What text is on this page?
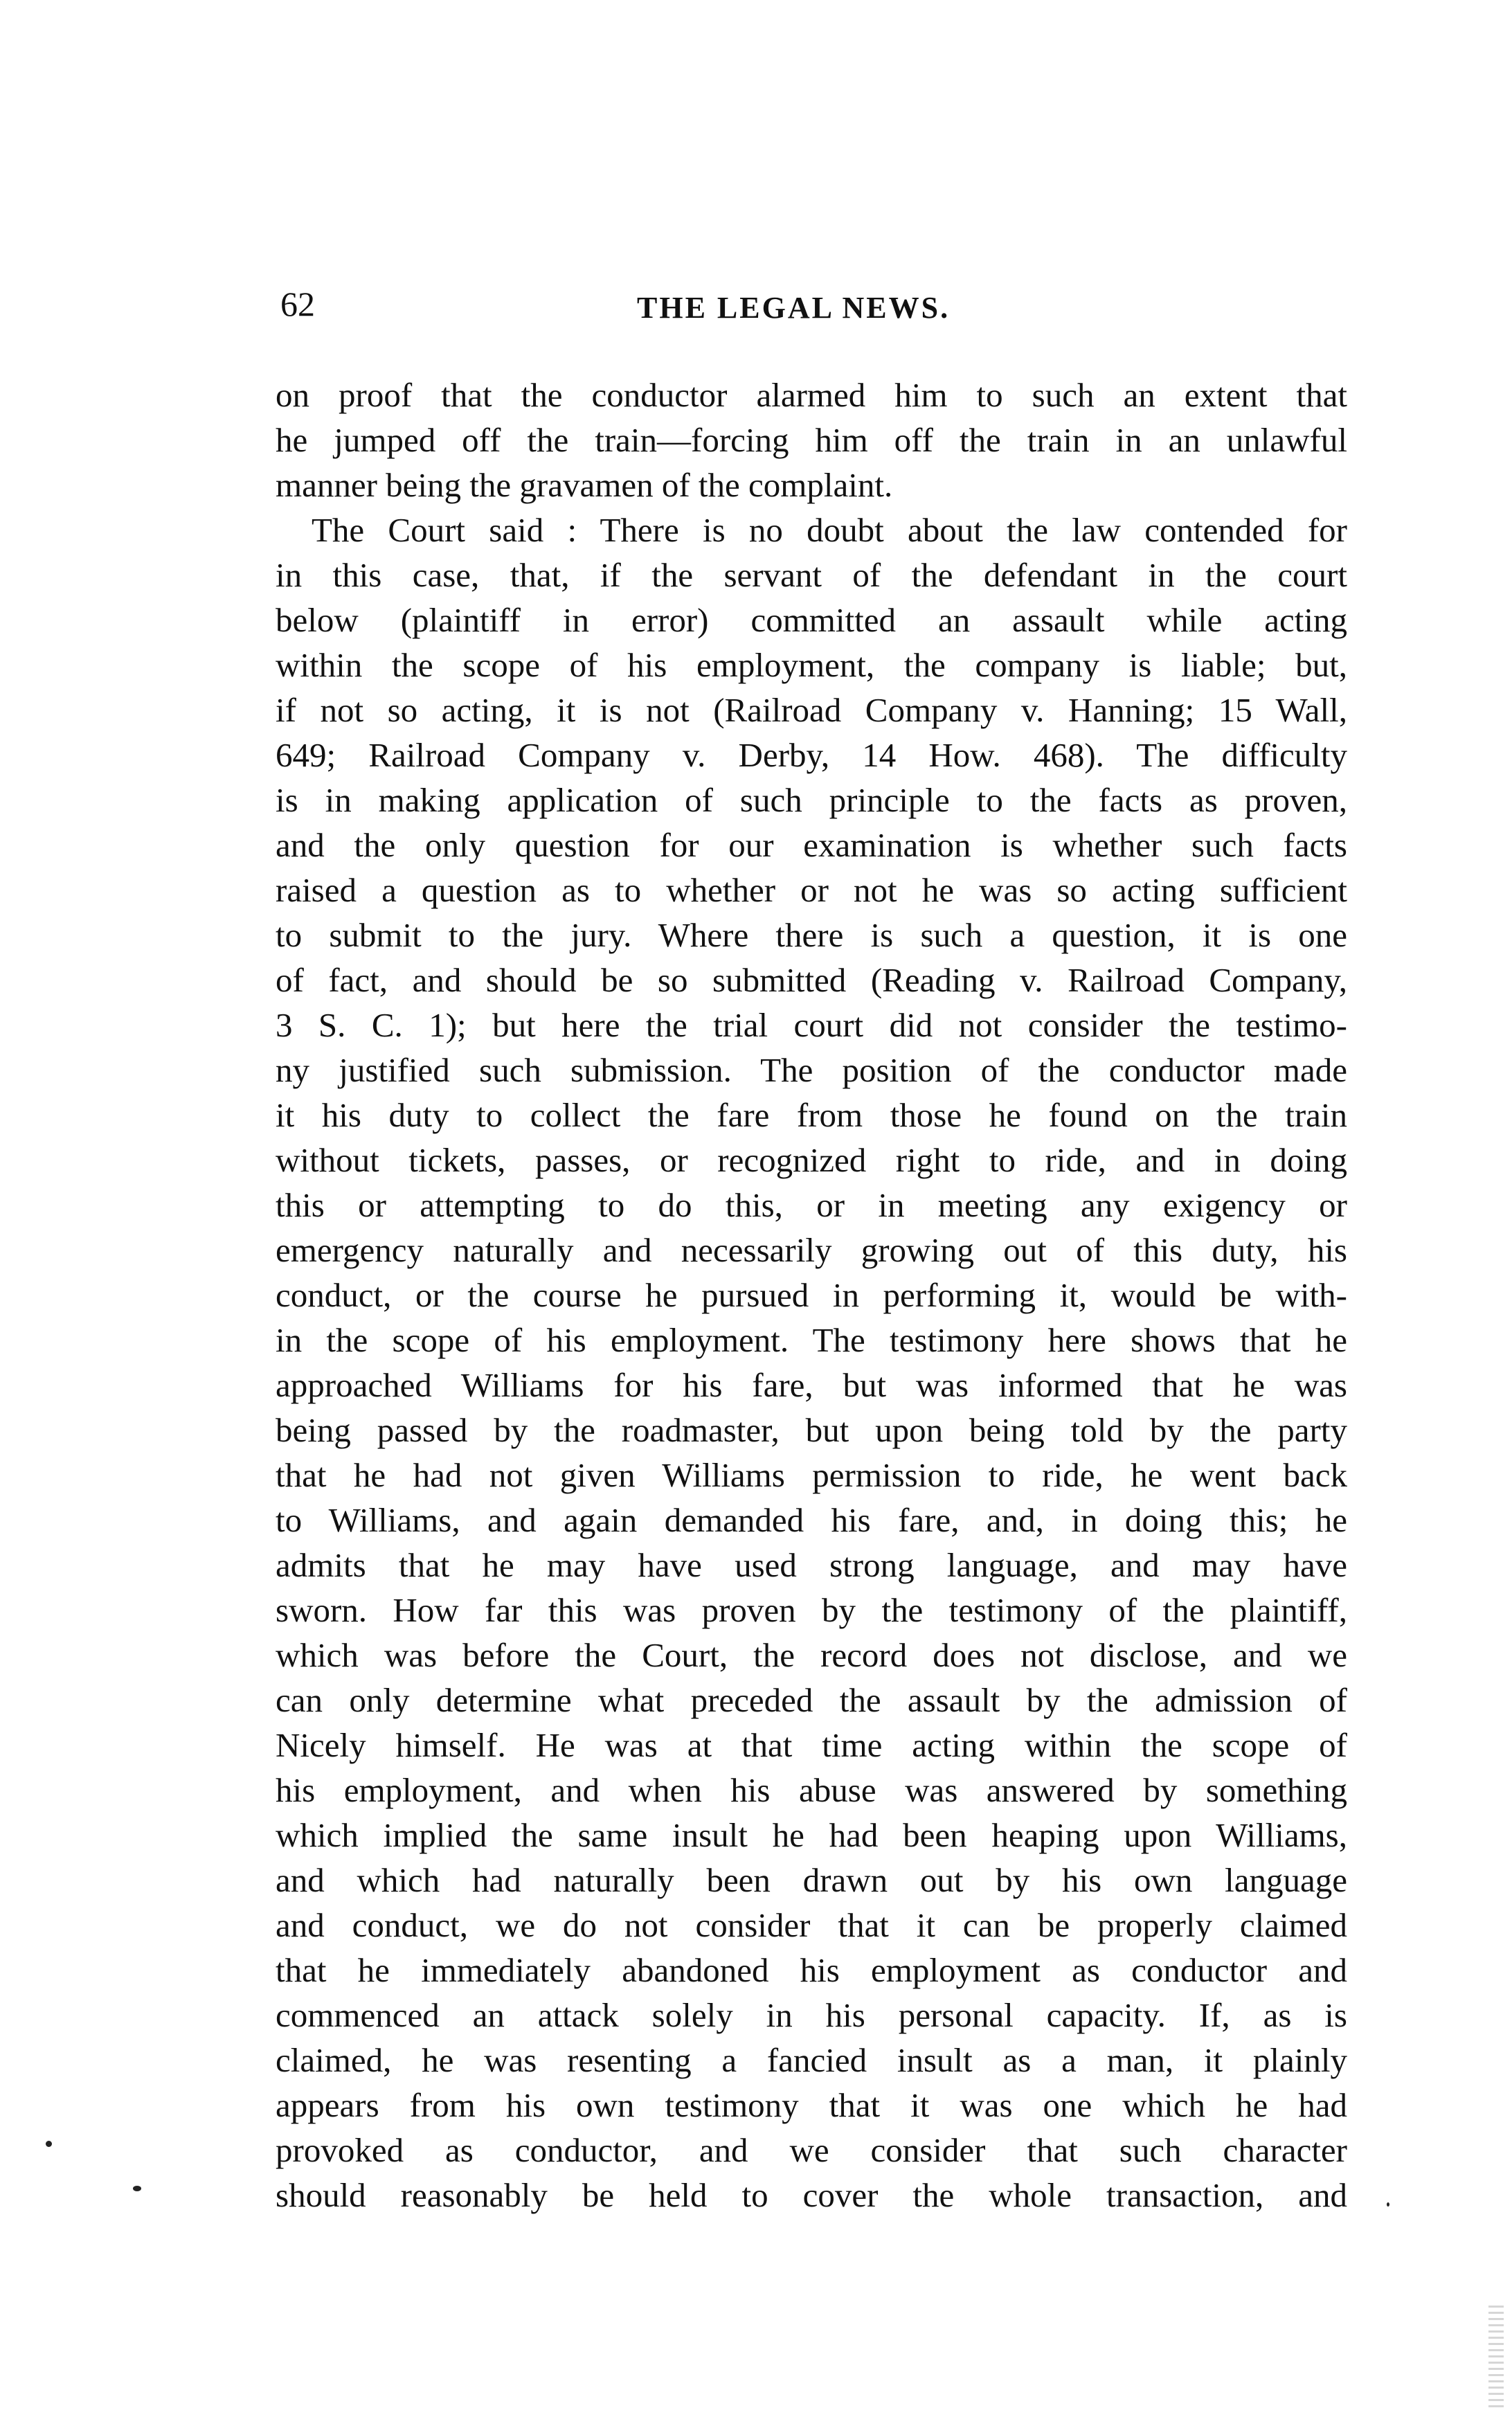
62	THE LEGAL NEWS.
on proof that the conductor alarmed him to such an extent that
he jumped off the train—forcing him off the train in an unlawful
manner being the gravamen of the complaint.
The Court said : There is no doubt about the law contended for
in this case, that, if the servant of the defendant in the court
below (plaintiff in error) committed an assault while acting
within the scope of his employment, the company is liable; but,
if not so acting, it is not (Railroad Company v. Hanning; 15 Wall,
649; Railroad Company v. Derby, 14 How. 468). The difficulty
is in making application of such principle to the facts as proven,
and the only question for our examination is whether such facts
raised a question as to whether or not he was so acting sufficient
to submit to the jury. Where there is such a question, it is one
of fact, and should be so submitted (Reading v. Railroad Company,
3 S. C. 1); but here the trial court did not consider the testimo-
ny justified such submission. The position of the conductor made
it his duty to collect the fare from those he found on the train
without tickets, passes, or recognized right to ride, and in doing
this or attempting to do this, or in meeting any exigency or
emergency naturally and necessarily growing out of this duty, his
conduct, or the course he pursued in performing it, would be with-
in the scope of his employment. The testimony here shows that he
approached Williams for his fare, but was informed that he was
being passed by the roadmaster, but upon being told by the party
that he had not given Williams permission to ride, he went back
to Williams, and again demanded his fare, and, in doing this; he
admits that he may have used strong language, and may have
sworn. How far this was proven by the testimony of the plaintiff,
which was before the Court, the record does not disclose, and we
can only determine what preceded the assault by the admission of
Nicely himself. He was at that time acting within the scope of
his employment, and when his abuse was answered by something
which implied the same insult he had been heaping upon Williams,
and which had naturally been drawn out by his own language
and conduct, we do not consider that it can be properly claimed
that he immediately abandoned his employment as conductor and
commenced an attack solely in his personal capacity. If, as is
claimed, he was resenting a fancied insult as a man, it plainly
appears from his own testimony that it was one which he had
provoked as conductor, and we consider that such character
should reasonably be held to cover the whole transaction, and
